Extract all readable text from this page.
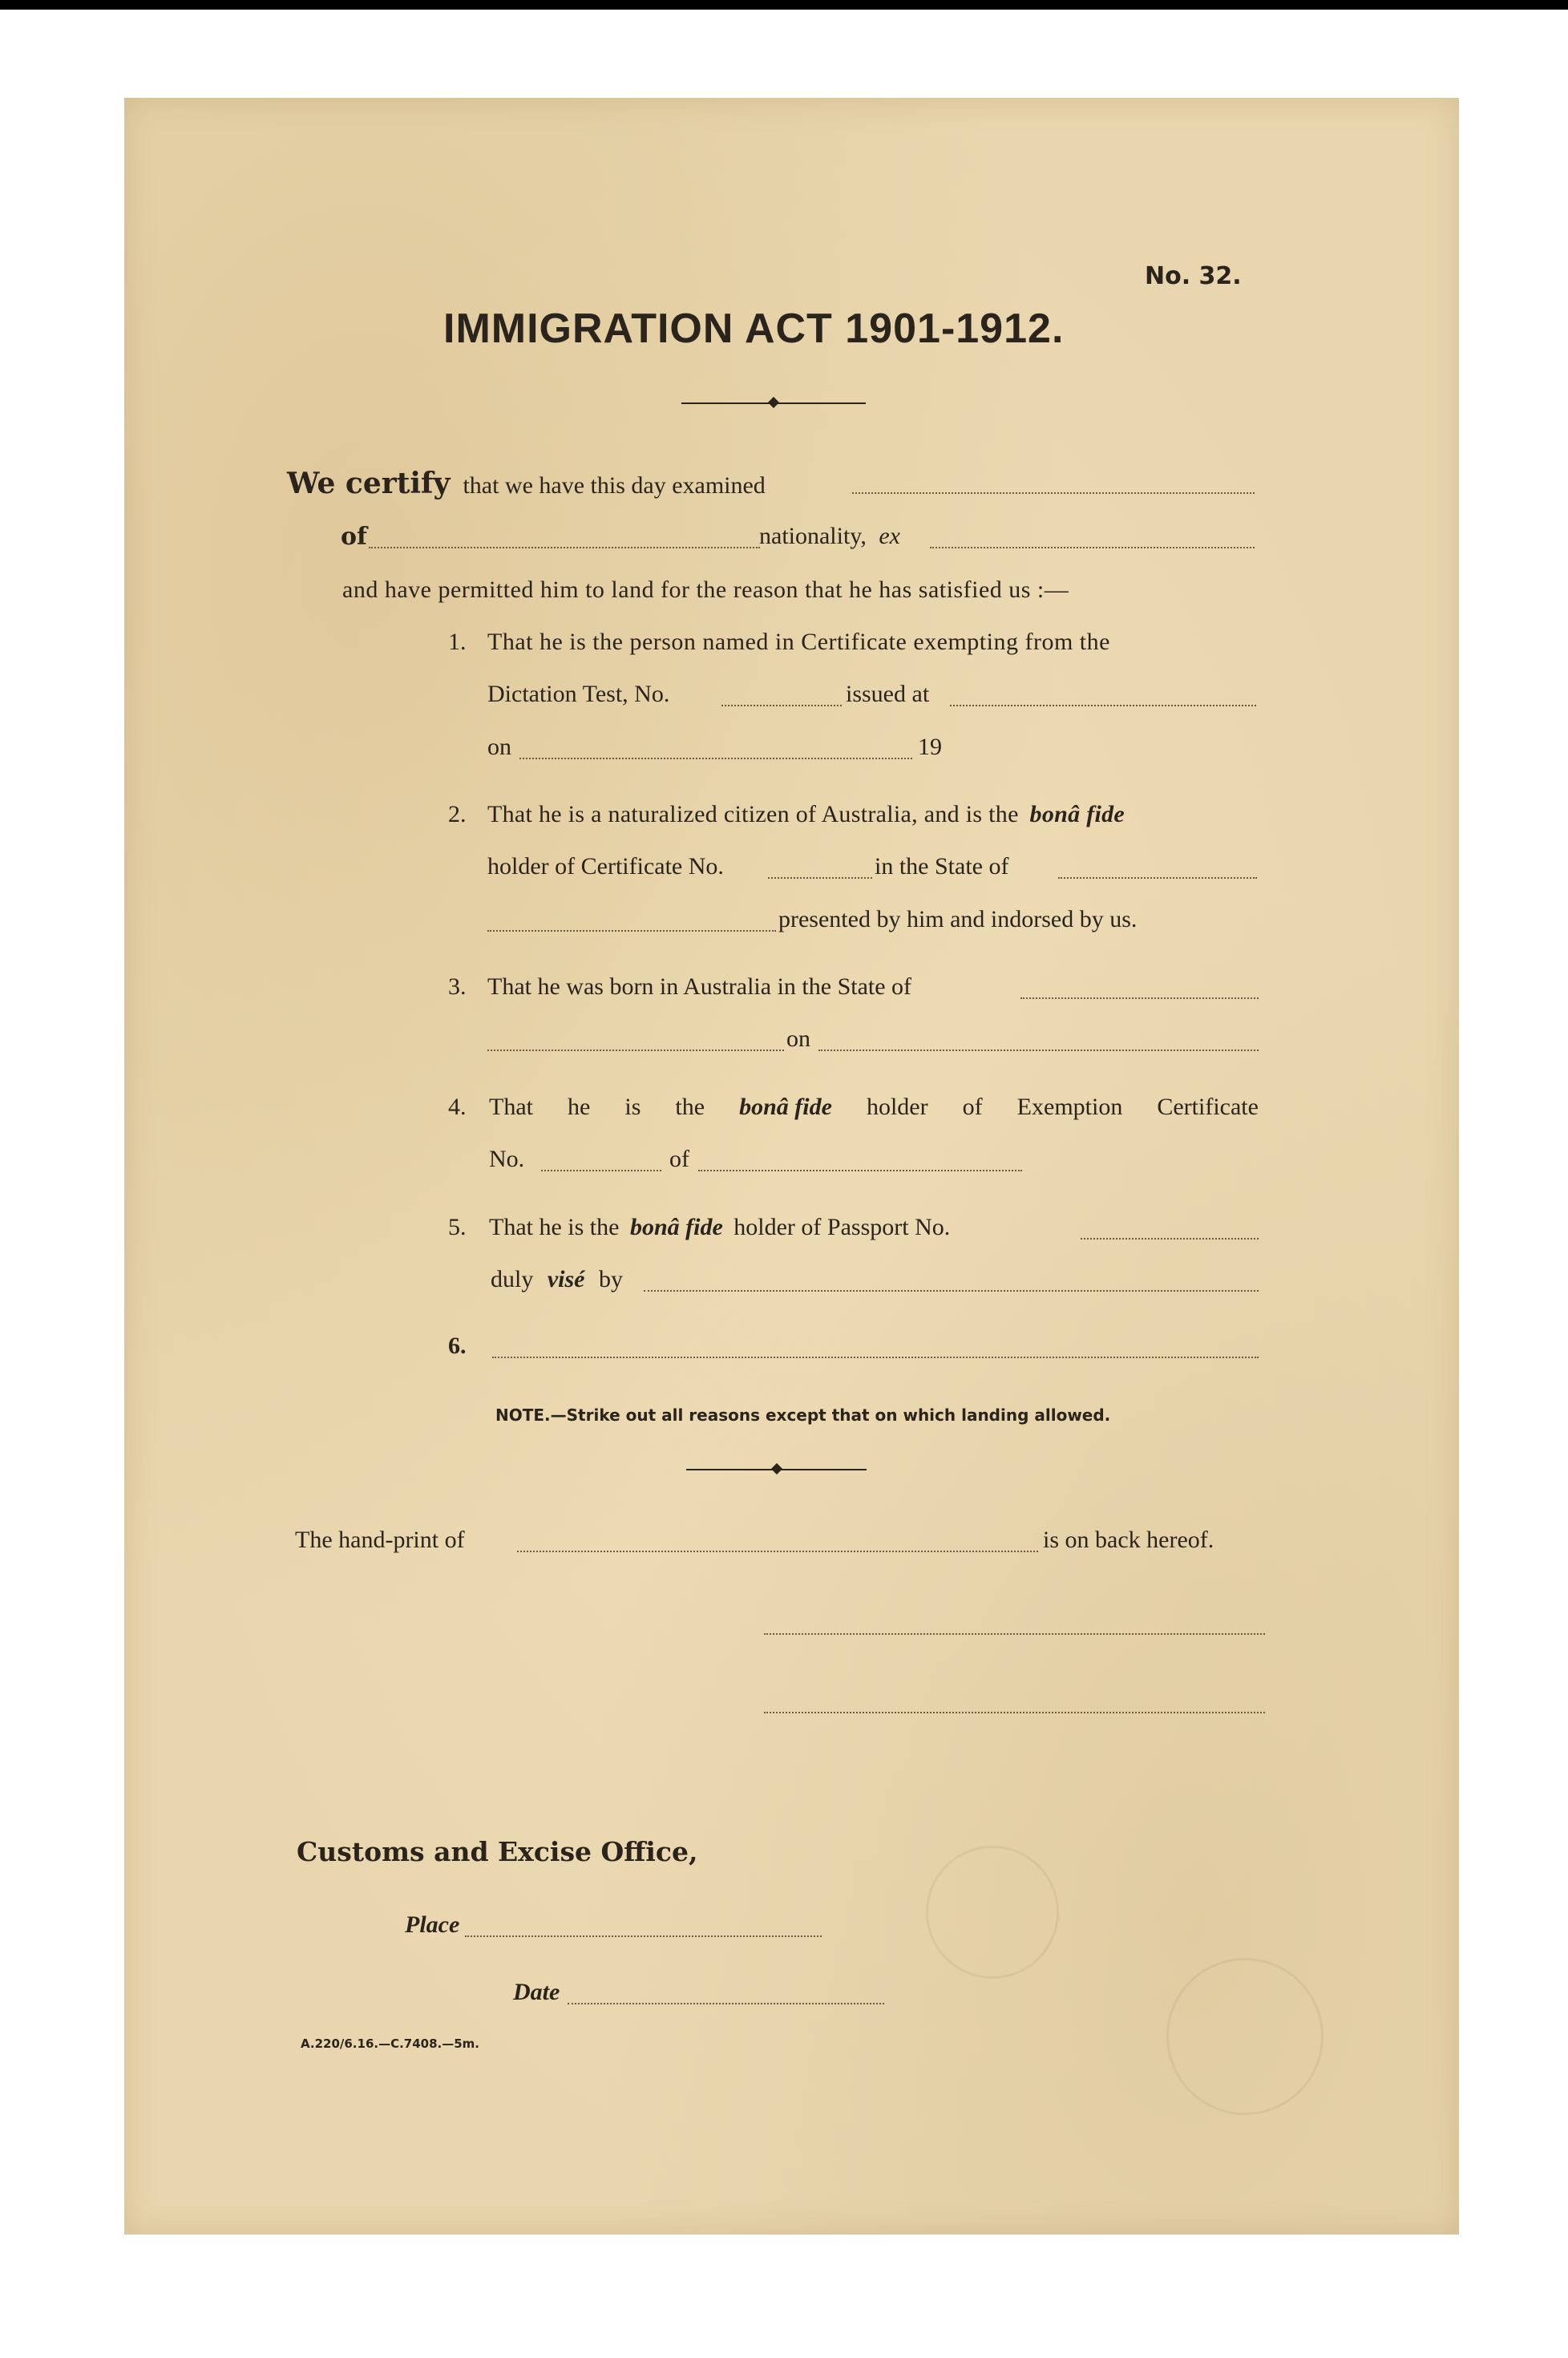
No. 32.
IMMIGRATION ACT 1901-1912.
We certify that we have this day examined
of	nationality, ex
and have permitted him to land for the reason that he has satisfied us :—
1. That he is the person named in Certificate exempting from the
Dictation Test, No.	issued at
on	19
2. That he is a naturalized citizen of Australia, and is the bonâ fide
holder of Certificate No.	in the State of
presented by him and indorsed by us.
3. That he was born in Australia in the State of
on
4. That he is the bonâ fide holder of Exemption Certificate
No.	of
5. That he is the bonâ fide holder of Passport No.
duly visé by
6.
NOTE.—Strike out all reasons except that on which landing allowed.
The hand-print of	is on back hereof.
Customs and Excise Office,
Place
Date
A.220/6.16.—C.7408.—5m.
